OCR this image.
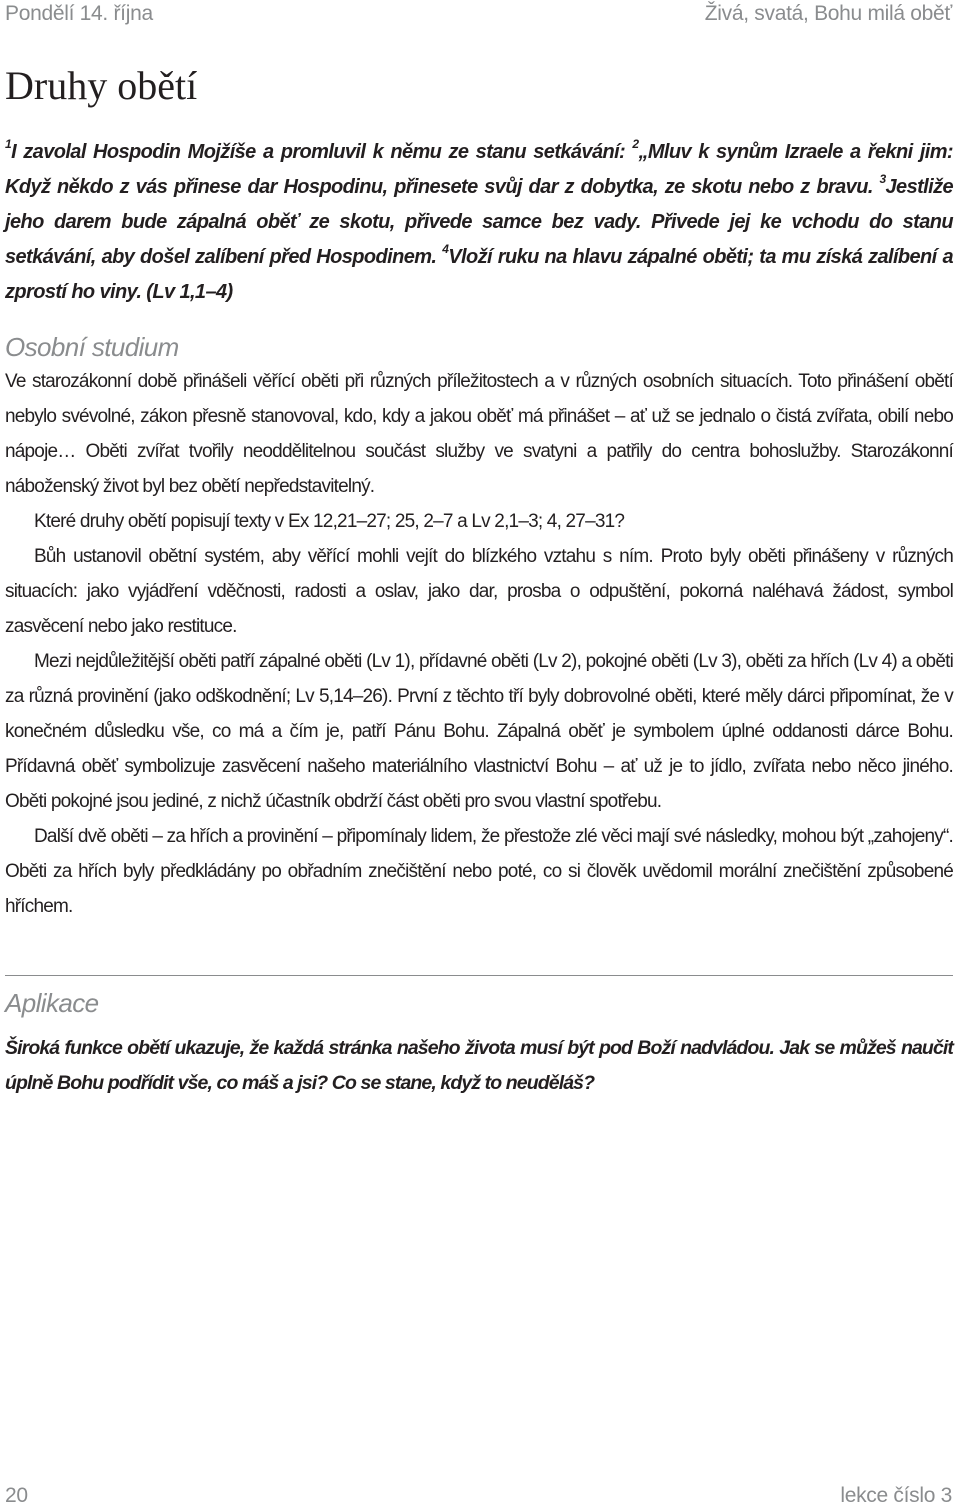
Pondělí 14. října	Živá, svatá, Bohu milá oběť
Druhy obětí

$^1$I zavolal Hospodin Mojžíše a promluvil k němu ze stanu setkávání: $^2$„Mluv k synům Izraele a řekni jim: Když někdo z vás přinese dar Hospodinu, přinesete svůj dar z dobytka, ze skotu nebo z bravu. $^3$Jestliže jeho darem bude zápalná oběť ze skotu, přivede samce bez vady. Přivede jej ke vchodu do stanu setkávání, aby došel zalíbení před Hospodinem. $^4$Vloží ruku na hlavu zápalné oběti; ta mu získá zalíbení a zprostí ho viny. (Lv 1,1–4)

Osobní studium

Ve starozákonní době přinášeli věřící oběti při různých příležitostech a v různých osobních situacích. Toto přinášení obětí nebylo svévolné, zákon přesně stanovoval, kdo, kdy a jakou oběť má přinášet – ať už se jednalo o čistá zvířata, obilí nebo nápoje… Oběti zvířat tvořily neoddělitelnou součást služby ve svatyni a patřily do centra bohoslužby. Starozákonní náboženský život byl bez obětí nepředstavitelný.

Které druhy obětí popisují texty v Ex 12,21–27; 25, 2–7 a Lv 2,1–3; 4, 27–31?

Bůh ustanovil obětní systém, aby věřící mohli vejít do blízkého vztahu s ním. Proto byly oběti přinášeny v různých situacích: jako vyjádření vděčnosti, radosti a oslav, jako dar, prosba o odpuštění, pokorná naléhavá žádost, symbol zasvěcení nebo jako restituce.

Mezi nejdůležitější oběti patří zápalné oběti (Lv 1), přídavné oběti (Lv 2), pokojné oběti (Lv 3), oběti za hřích (Lv 4) a oběti za různá provinění (jako odškodnění; Lv 5,14–26). První z těchto tří byly dobrovolné oběti, které měly dárci připomínat, že v konečném důsledku vše, co má a čím je, patří Pánu Bohu. Zápalná oběť je symbolem úplné oddanosti dárce Bohu. Přídavná oběť symbolizuje zasvěcení našeho materiálního vlastnictví Bohu – ať už je to jídlo, zvířata nebo něco jiného. Oběti pokojné jsou jediné, z nichž účastník obdrží část oběti pro svou vlastní spotřebu.

Další dvě oběti – za hřích a provinění – připomínaly lidem, že přestože zlé věci mají své následky, mohou být „zahojeny“. Oběti za hřích byly předkládány po obřadním znečištění nebo poté, co si člověk uvědomil morální znečištění způsobené hříchem.

Aplikace

Široká funkce obětí ukazuje, že každá stránka našeho života musí být pod Boží nadvládou. Jak se můžeš naučit úplně Bohu podřídit vše, co máš a jsi? Co se stane, když to neuděláš?

20	lekce číslo 3
